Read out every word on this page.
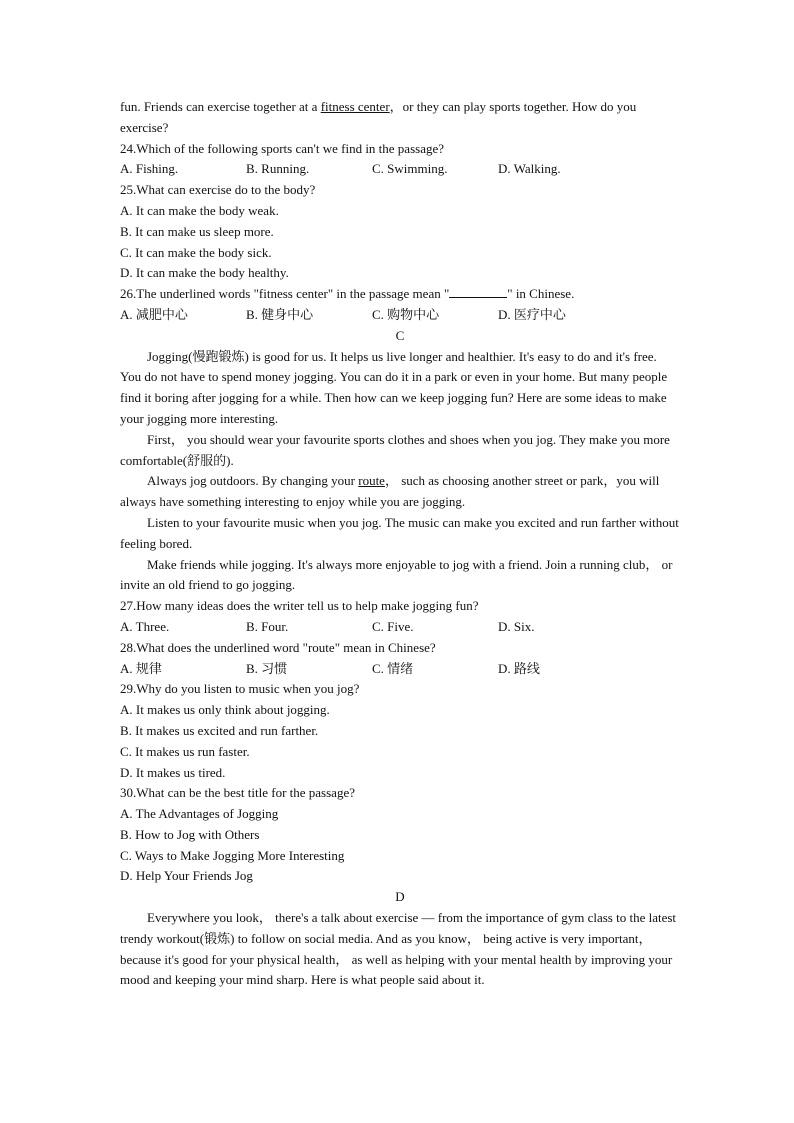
fun. Friends can exercise together at a fitness center，or they can play sports together. How do you
exercise?
24.Which of the following sports can't we find in the passage?
A. Fishing.	B. Running.	C. Swimming.	D. Walking.
25.What can exercise do to the body?
A. It can make the body weak.
B. It can make us sleep more.
C. It can make the body sick.
D. It can make the body healthy.
26.The underlined words "fitness center" in the passage mean "	" in Chinese.
A. 减肥中心	B. 健身中心	C. 购物中心	D. 医疗中心
C
Jogging(慢跑锻炼) is good for us. It helps us live longer and healthier. It's easy to do and it's free. You do not have to spend money jogging. You can do it in a park or even in your home. But many people find it boring after jogging for a while. Then how can we keep jogging fun? Here are some ideas to make your jogging more interesting.
First， you should wear your favourite sports clothes and shoes when you jog. They make you more comfortable(舒服的).
Always jog outdoors. By changing your route， such as choosing another street or park，you will always have something interesting to enjoy while you are jogging.
Listen to your favourite music when you jog. The music can make you excited and run farther without feeling bored.
Make friends while jogging. It's always more enjoyable to jog with a friend. Join a running club， or invite an old friend to go jogging.
27.How many ideas does the writer tell us to help make jogging fun?
A. Three.	B. Four.	C. Five.	D. Six.
28.What does the underlined word "route" mean in Chinese?
A. 规律	B. 习惯	C. 情绪	D. 路线
29.Why do you listen to music when you jog?
A. It makes us only think about jogging.
B. It makes us excited and run farther.
C. It makes us run faster.
D. It makes us tired.
30.What can be the best title for the passage?
A. The Advantages of Jogging
B. How to Jog with Others
C. Ways to Make Jogging More Interesting
D. Help Your Friends Jog
D
Everywhere you look， there's a talk about exercise — from the importance of gym class to the latest trendy workout(锻炼) to follow on social media. And as you know， being active is very important， because it's good for your physical health， as well as helping with your mental health by improving your mood and keeping your mind sharp. Here is what people said about it.
